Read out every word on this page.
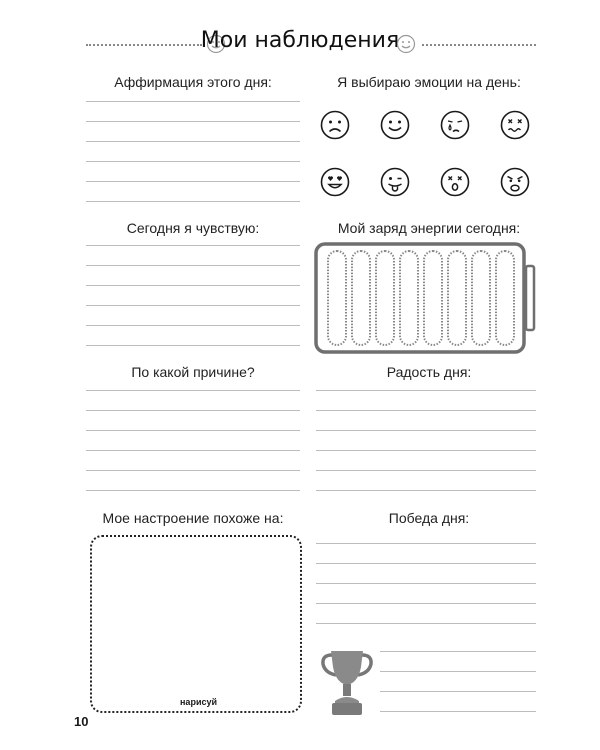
Мои наблюдения
Аффирмация этого дня:	Я выбираю эмоции на день:
Сегодня я чувствую:	Мой заряд энергии сегодня:
По какой причине?	Радость дня:
Мое настроение похоже на:
нарисуй
Победа дня:
10
